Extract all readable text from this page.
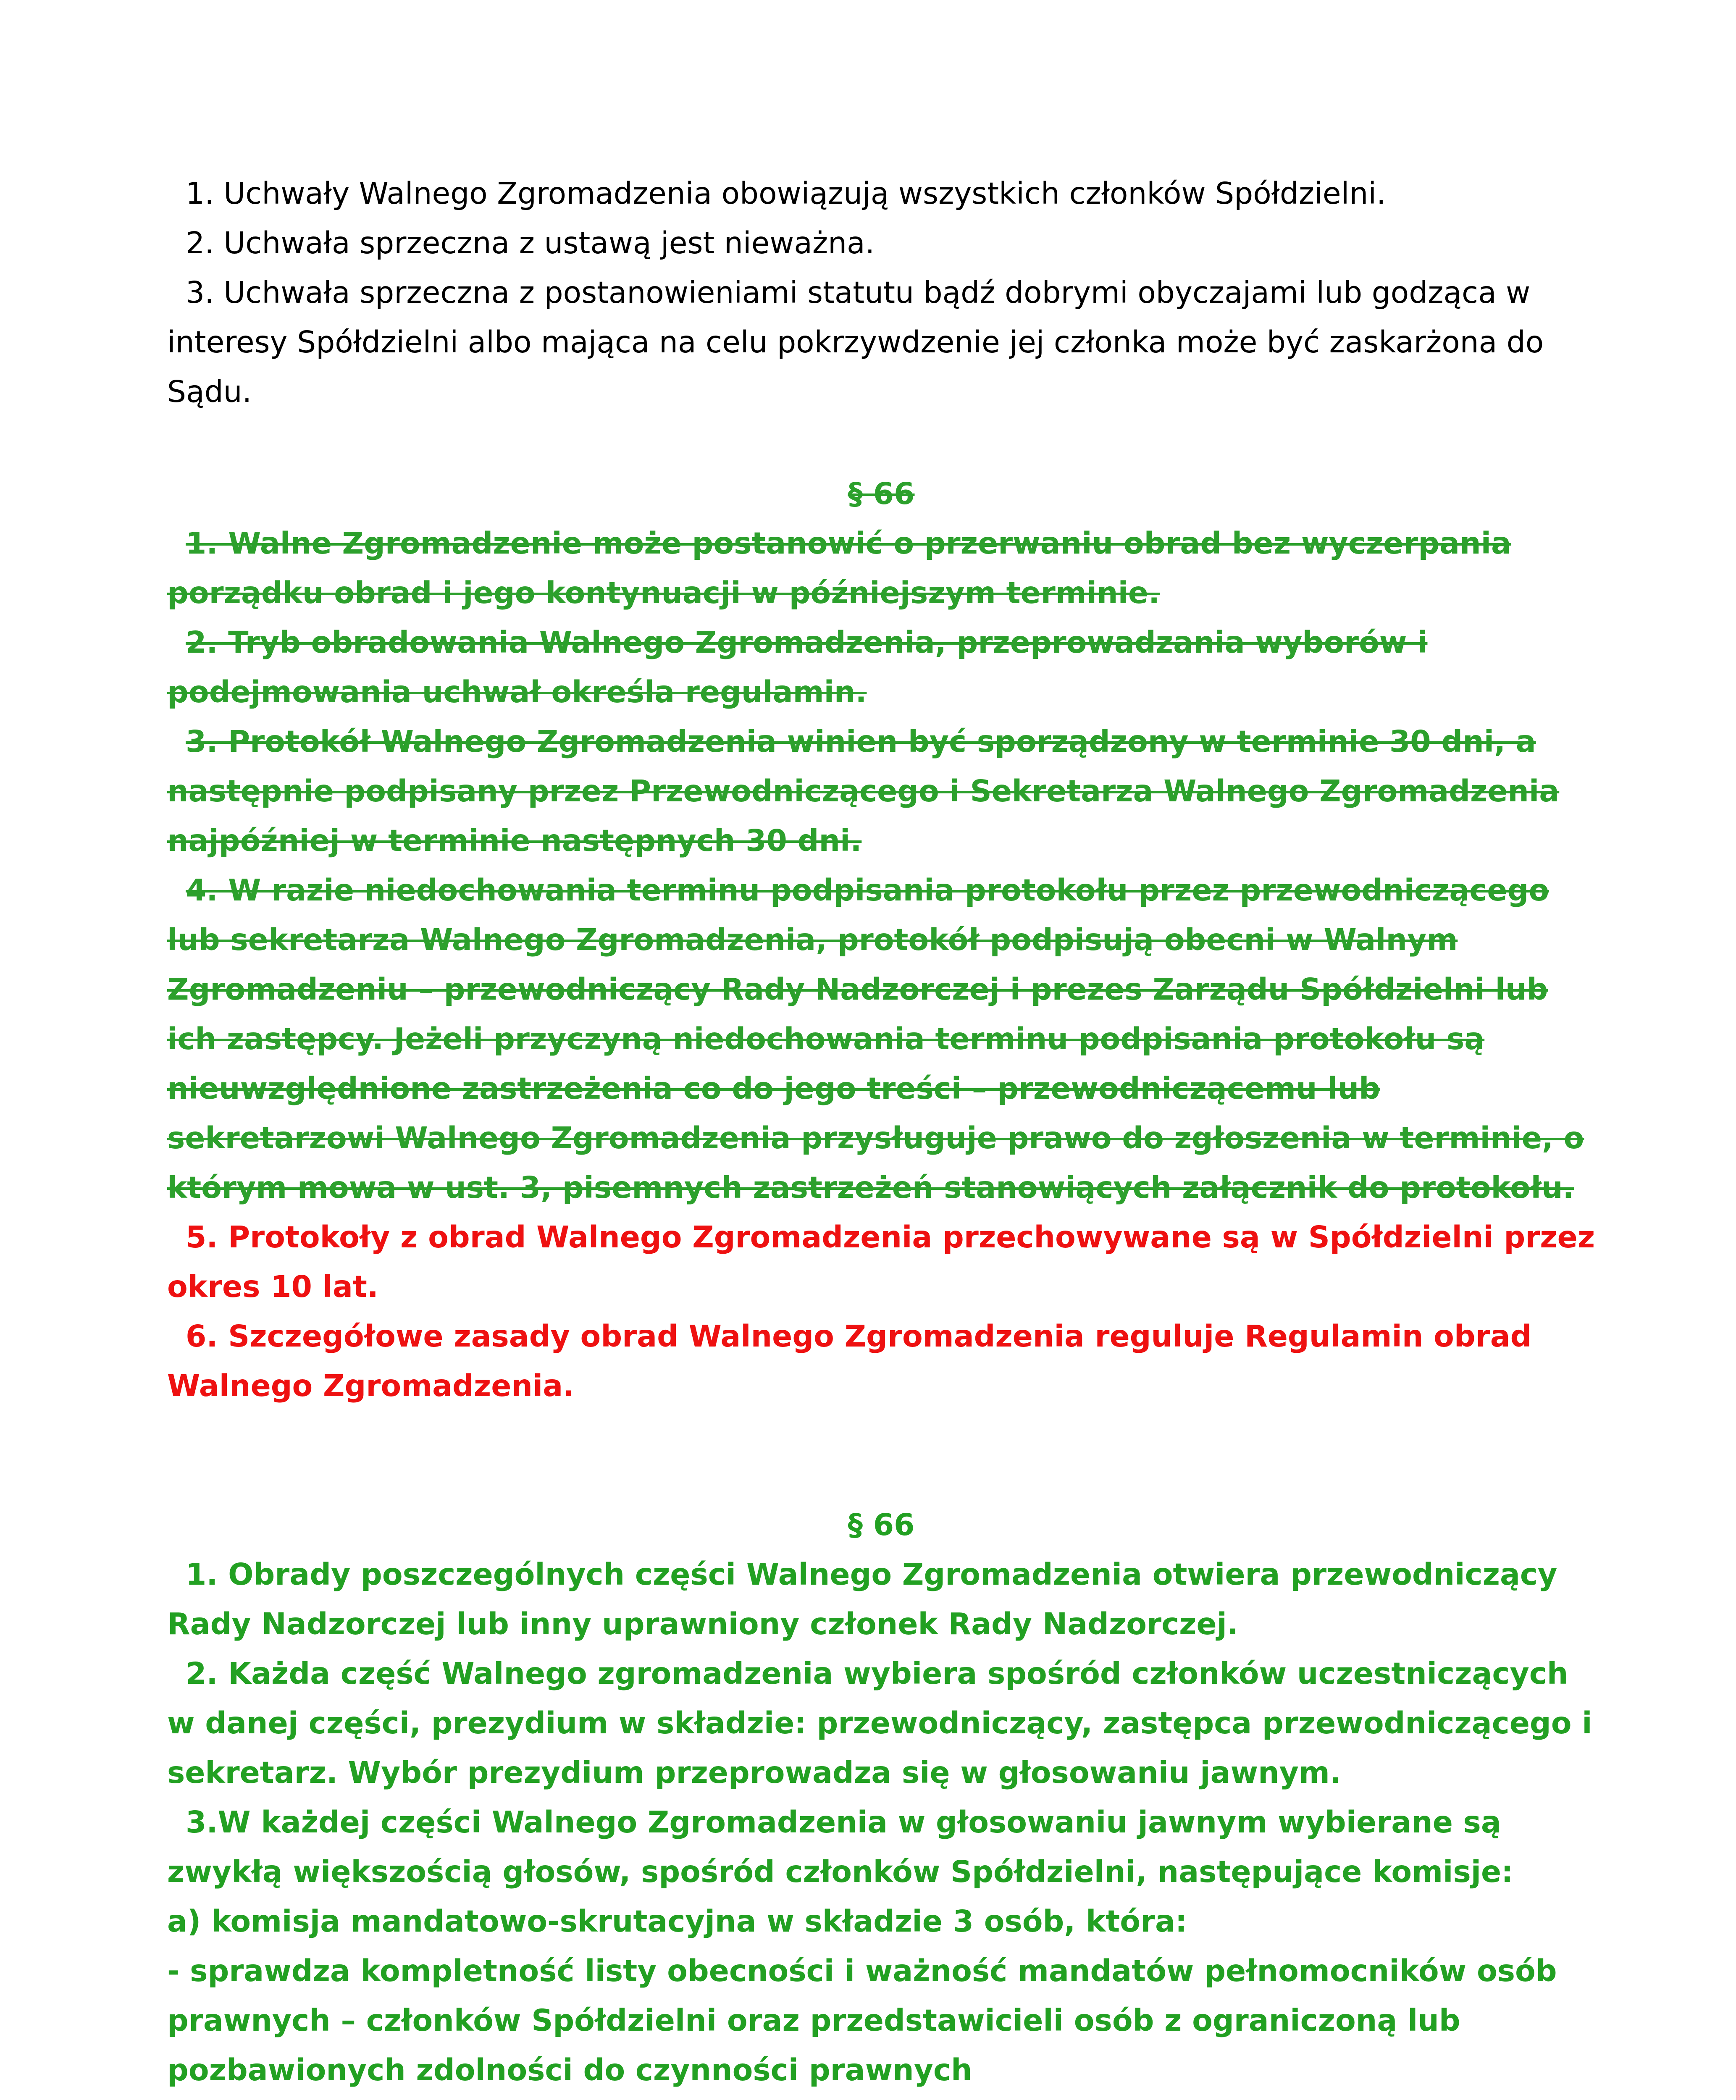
1. Uchwały Walnego Zgromadzenia obowiązują wszystkich członków Spółdzielni.

2. Uchwała sprzeczna z ustawą jest nieważna.

3. Uchwała sprzeczna z postanowieniami statutu bądź dobrymi obyczajami lub godząca w interesy Spółdzielni albo mająca na celu pokrzywdzenie jej członka może być zaskarżona do Sądu.

§ 66

1. Walne Zgromadzenie może postanowić o przerwaniu obrad bez wyczerpania porządku obrad i jego kontynuacji w późniejszym terminie.

2. Tryb obradowania Walnego Zgromadzenia, przeprowadzania wyborów i podejmowania uchwał określa regulamin.

3. Protokół Walnego Zgromadzenia winien być sporządzony w terminie 30 dni, a następnie podpisany przez Przewodniczącego i Sekretarza Walnego Zgromadzenia najpóźniej w terminie następnych 30 dni.

4. W razie niedochowania terminu podpisania protokołu przez przewodniczącego lub sekretarza Walnego Zgromadzenia, protokół podpisują obecni w Walnym Zgromadzeniu – przewodniczący Rady Nadzorczej i prezes Zarządu Spółdzielni lub ich zastępcy. Jeżeli przyczyną niedochowania terminu podpisania protokołu są nieuwzględnione zastrzeżenia co do jego treści – przewodniczącemu lub sekretarzowi Walnego Zgromadzenia przysługuje prawo do zgłoszenia w terminie, o którym mowa w ust. 3, pisemnych zastrzeżeń stanowiących załącznik do protokołu.

5. Protokoły z obrad Walnego Zgromadzenia przechowywane są w Spółdzielni przez okres 10 lat.

6. Szczegółowe zasady obrad Walnego Zgromadzenia reguluje Regulamin obrad Walnego Zgromadzenia.

§ 66

1. Obrady poszczególnych części Walnego Zgromadzenia otwiera przewodniczący Rady Nadzorczej lub inny uprawniony członek Rady Nadzorczej.

2. Każda część Walnego zgromadzenia wybiera spośród członków uczestniczących w danej części, prezydium w składzie: przewodniczący, zastępca przewodniczącego i sekretarz. Wybór prezydium przeprowadza się w głosowaniu jawnym.

3.W każdej części Walnego Zgromadzenia w głosowaniu jawnym wybierane są zwykłą większością głosów, spośród członków Spółdzielni, następujące komisje:

a) komisja mandatowo-skrutacyjna w składzie 3 osób, która:

- sprawdza kompletność listy obecności i ważność mandatów pełnomocników osób prawnych – członków Spółdzielni oraz przedstawicieli osób z ograniczoną lub pozbawionych zdolności do czynności prawnych
